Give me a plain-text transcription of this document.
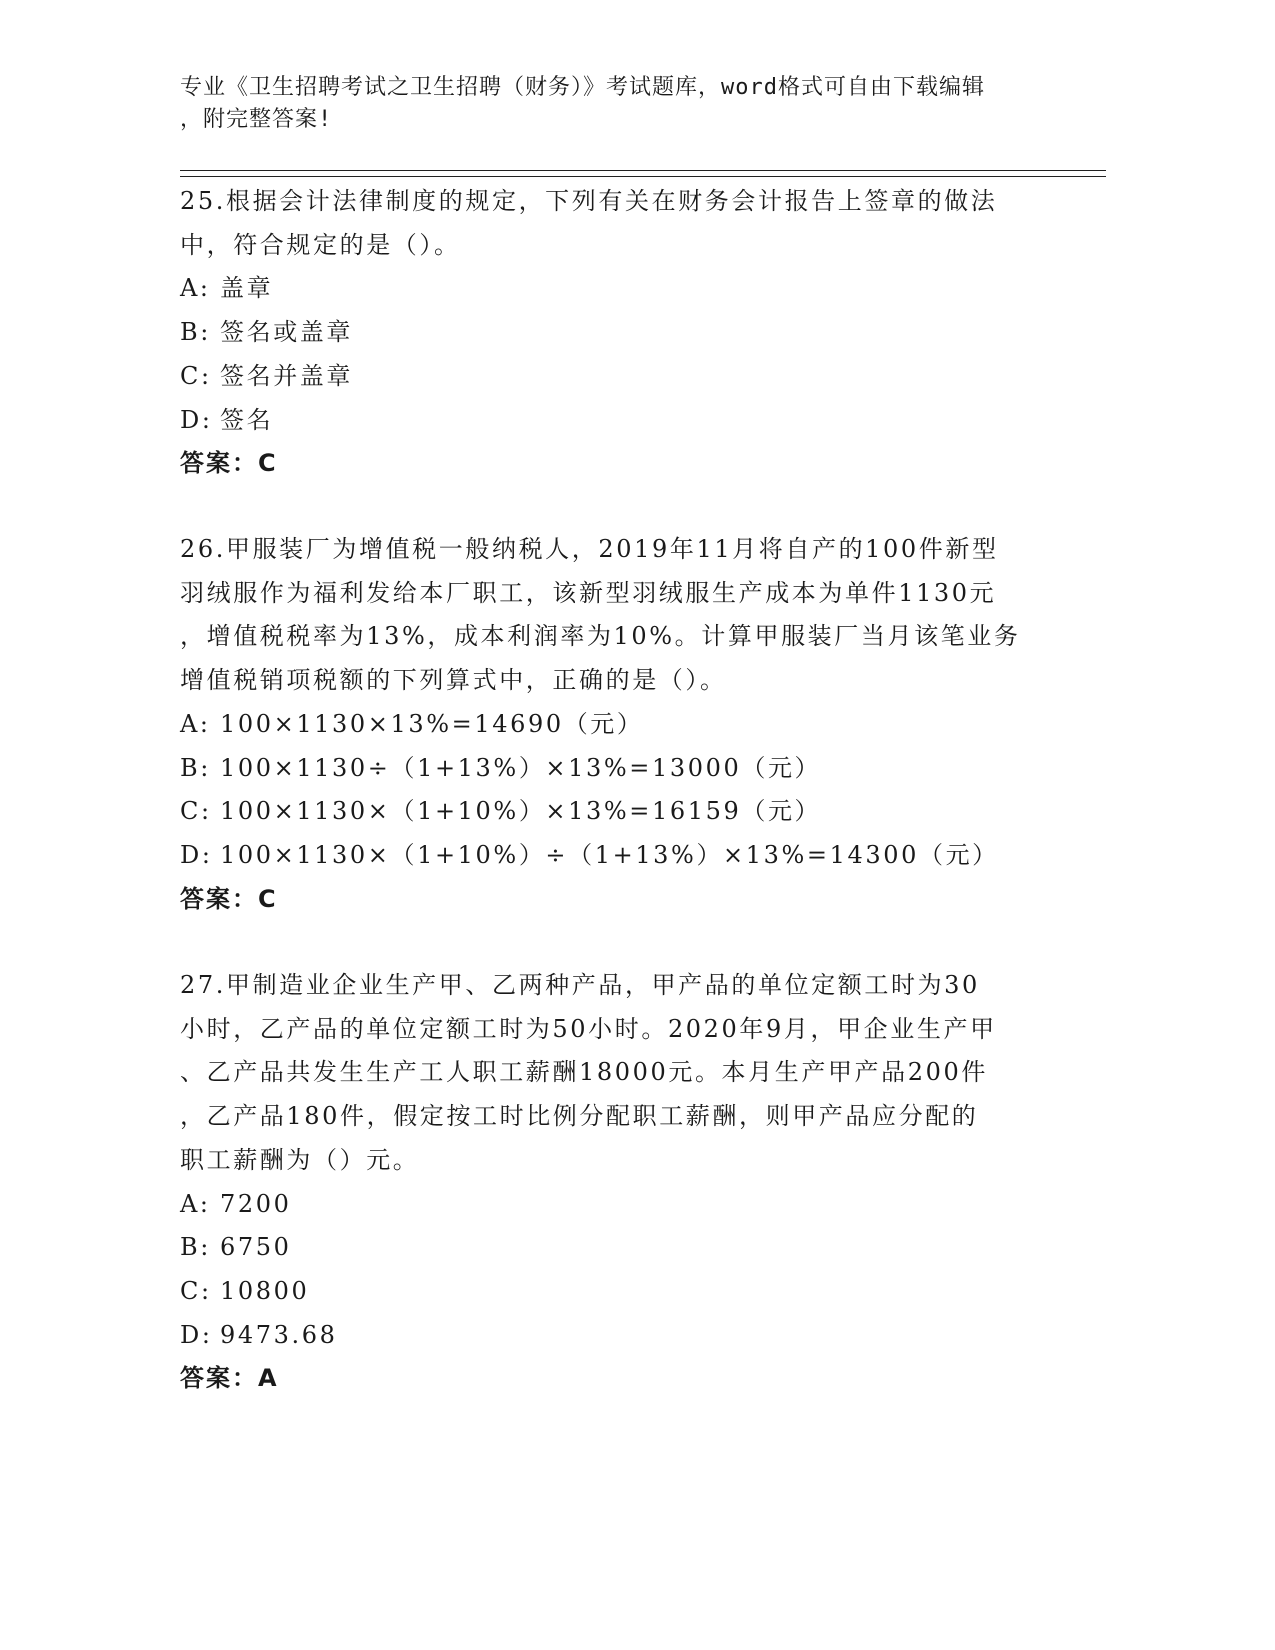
专业《卫生招聘考试之卫生招聘（财务）》考试题库，word格式可自由下载编辑
，附完整答案!

25.根据会计法律制度的规定，下列有关在财务会计报告上签章的做法

中，符合规定的是（）。

A: 盖章

B: 签名或盖章

C: 签名并盖章

D: 签名

答案：C

26.甲服装厂为增值税一般纳税人，2019年11月将自产的100件新型

羽绒服作为福利发给本厂职工，该新型羽绒服生产成本为单件1130元

，增值税税率为13%，成本利润率为10%。计算甲服装厂当月该笔业务

增值税销项税额的下列算式中，正确的是（）。

A: 100×1130×13%=14690（元）

B: 100×1130÷（1+13%）×13%=13000（元）

C: 100×1130×（1+10%）×13%=16159（元）

D: 100×1130×（1+10%）÷（1+13%）×13%=14300（元）

答案：C

27.甲制造业企业生产甲、乙两种产品，甲产品的单位定额工时为30

小时，乙产品的单位定额工时为50小时。2020年9月，甲企业生产甲

、乙产品共发生生产工人职工薪酬18000元。本月生产甲产品200件

，乙产品180件，假定按工时比例分配职工薪酬，则甲产品应分配的

职工薪酬为（）元。

A: 7200

B: 6750

C: 10800

D: 9473.68

答案：A
